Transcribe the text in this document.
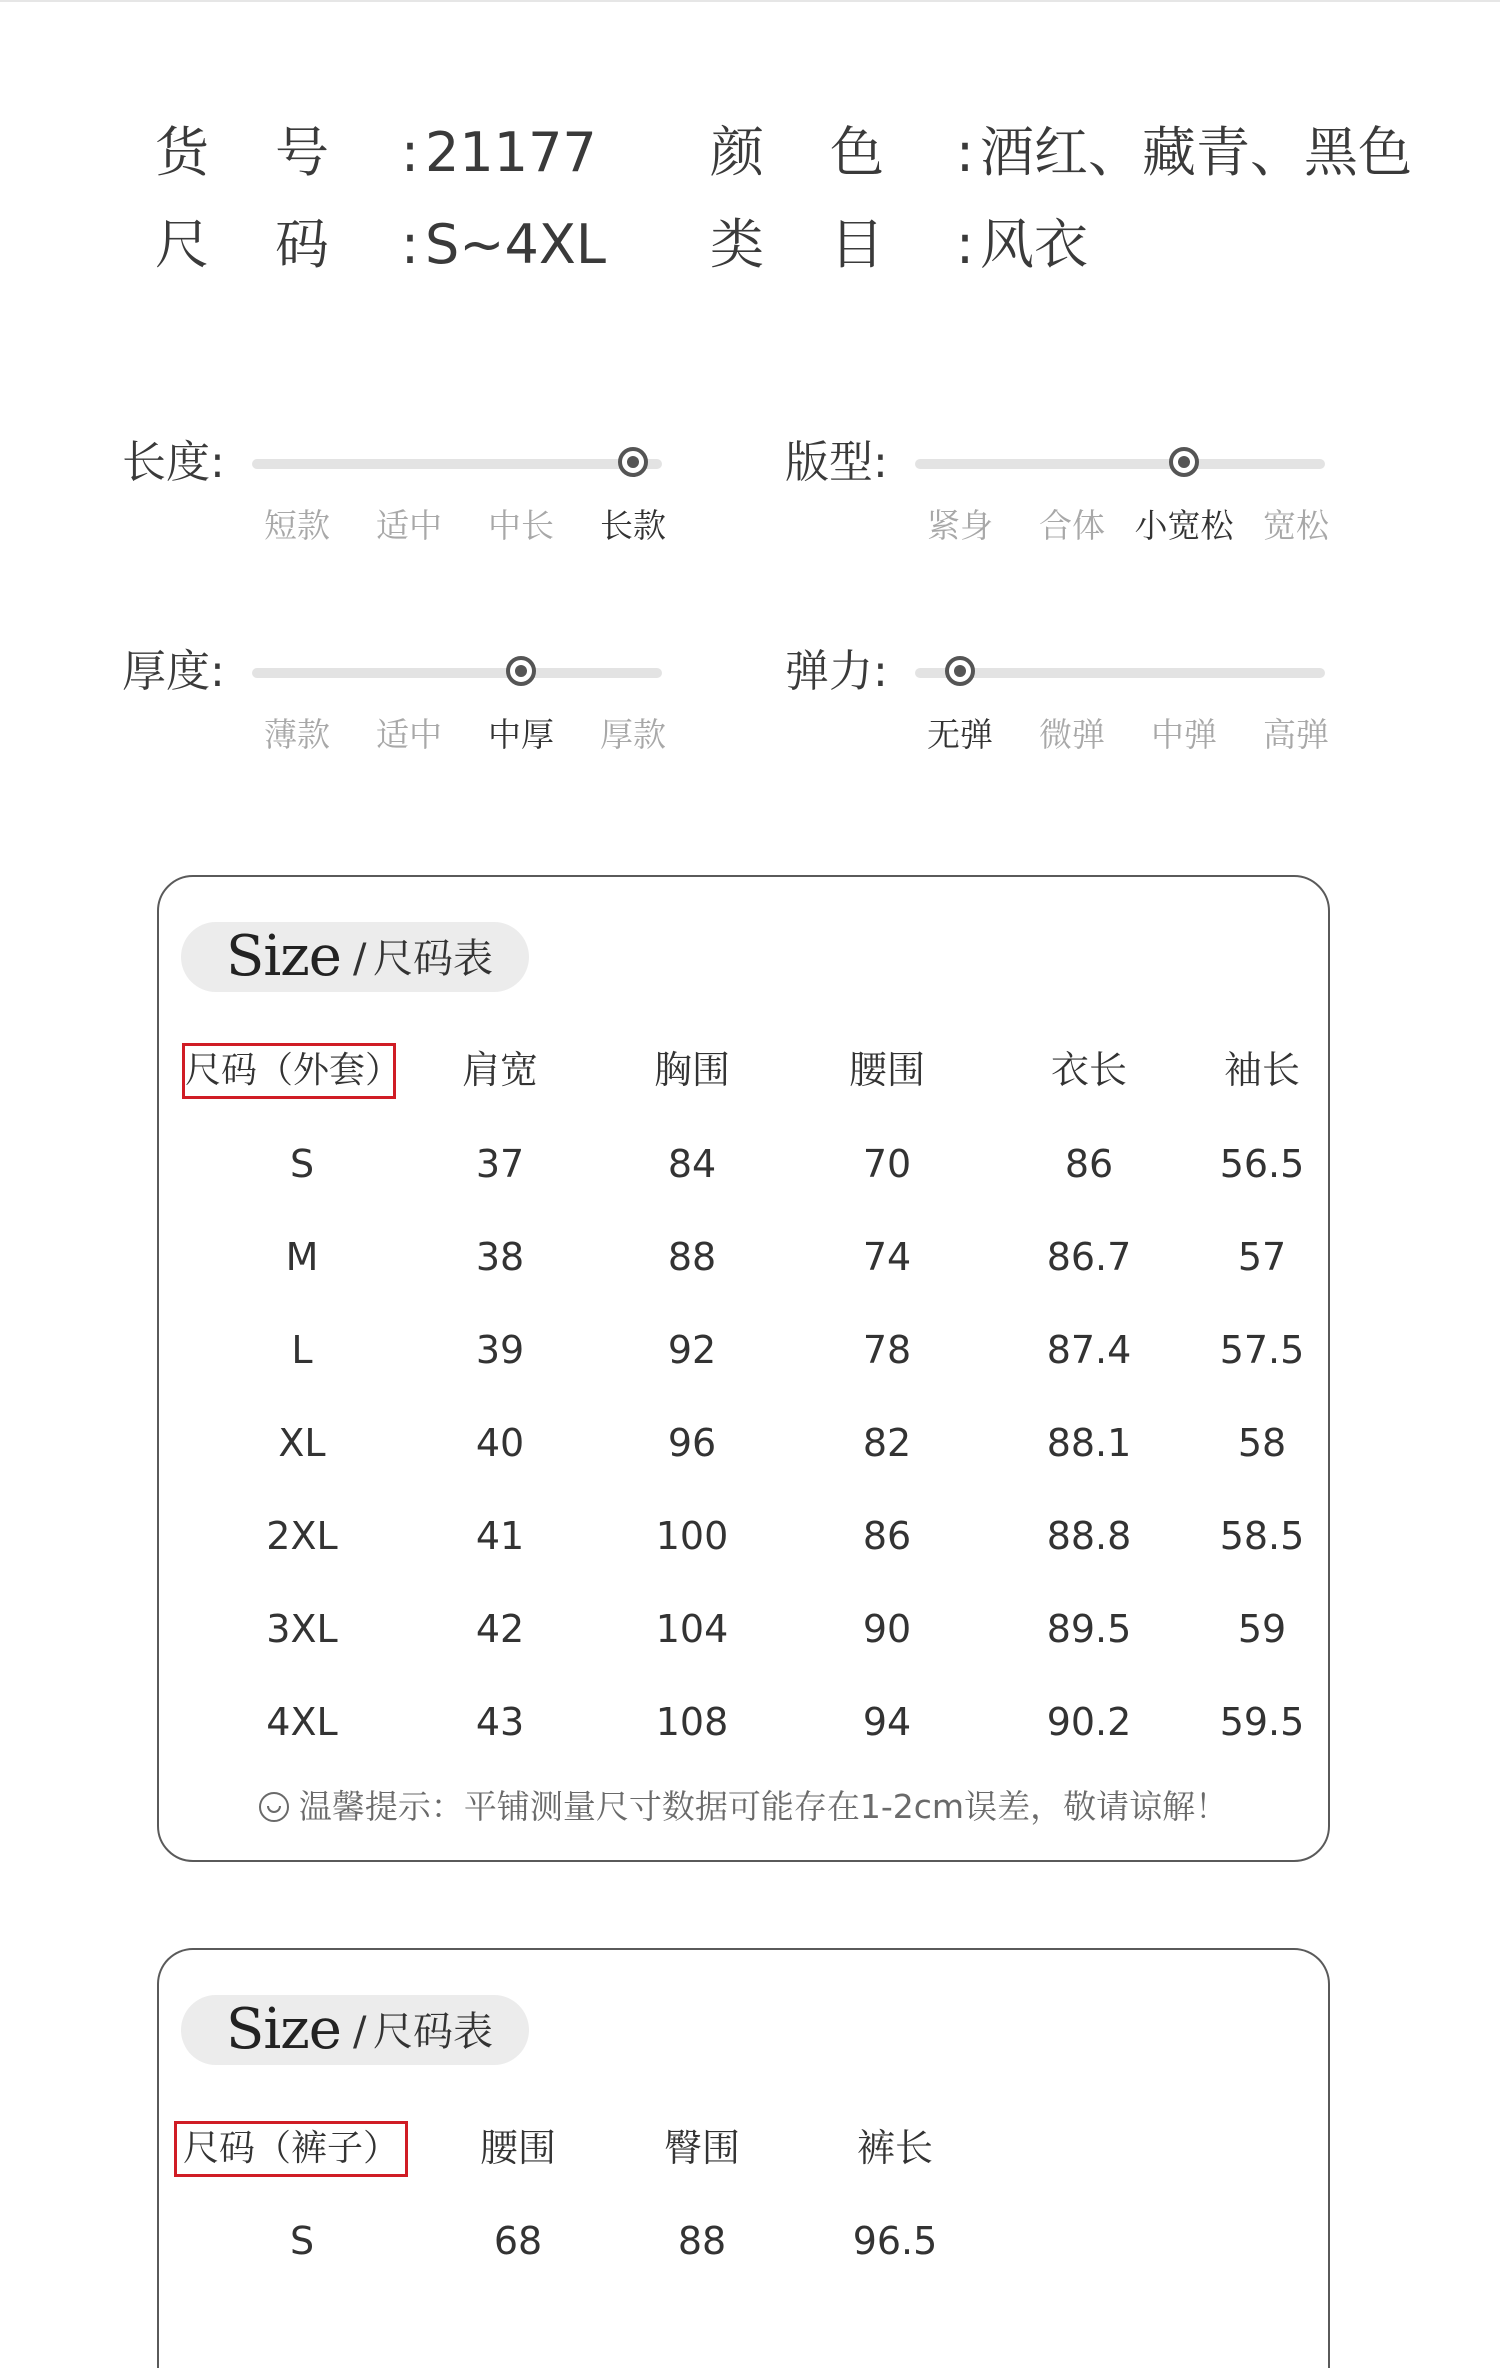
货 号 : 21177 颜 色 : 酒红、藏青、黑色
尺 码 : S~4XL 类 目 : 风衣
长度:
短款	适中	中长	长款
版型:
紧身	合体 小宽松 宽松
厚度:
薄款	适中	中厚	厚款
弹力:
无弹	微弹	中弹	高弹
Size / 尺码表
尺码（外套）	肩宽	胸围	腰围	衣长	袖长
S	37	84	70	86	56.5
M	38	88	74	86.7	57
L	39	92	78	87.4	57.5
XL	40	96	82	88.1	58
2XL	41	100	86	88.8	58.5
3XL	42	104	90	89.5	59
4XL	43	108	94	90.2	59.5
温馨提示：平铺测量尺寸数据可能存在1-2cm误差，敬请谅解！
Size / 尺码表
尺码（裤子）	腰围	臀围	裤长
S	68	88	96.5
